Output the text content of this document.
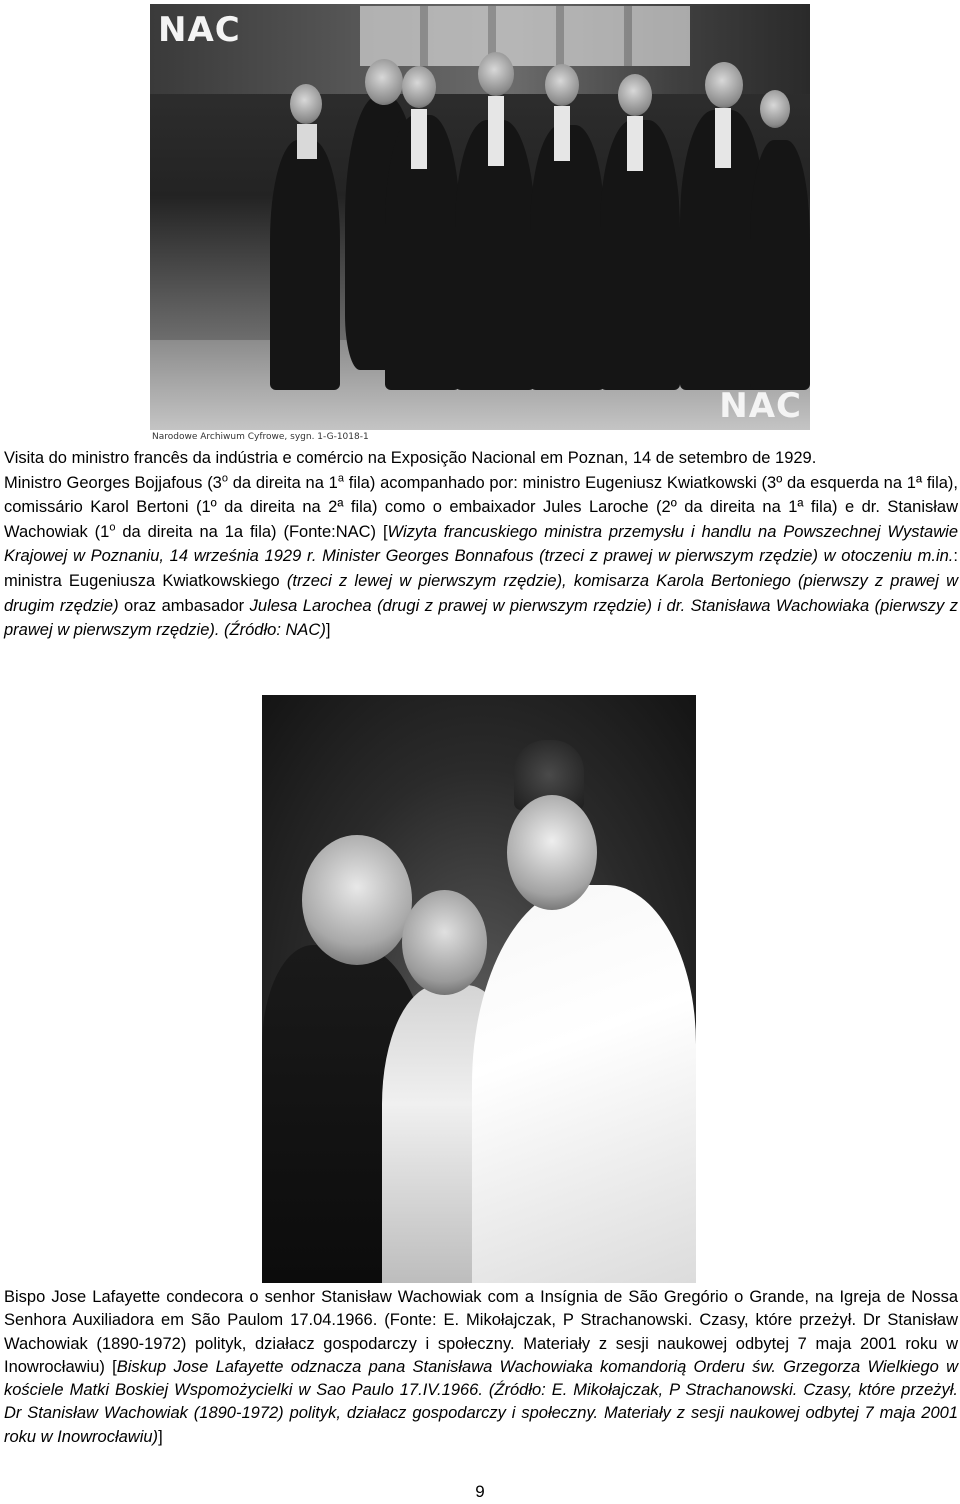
NAC
NAC
Narodowe Archiwum Cyfrowe, sygn. 1-G-1018-1
Visita do ministro francês da indústria e comércio na Exposição Nacional em Poznan, 14 de setembro de 1929.
Ministro Georges Bojjafous (3$^o$ da direita na 1$^a$ fila) acompanhado por: ministro Eugeniusz Kwiatkowski (3º da esquerda na 1ª fila), comissário Karol Bertoni (1º da direita na 2ª fila) como o embaixador Jules Laroche (2º da direita na 1ª fila) e dr. Stanisław Wachowiak (1$^o$ da direita na 1a fila) (Fonte:NAC) [Wizyta francuskiego ministra przemysłu i handlu na Powszechnej Wystawie Krajowej w Poznaniu, 14 września 1929 r. Minister Georges Bonnafous (trzeci z prawej w pierwszym rzędzie) w otoczeniu m.in.: ministra Eugeniusza Kwiatkowskiego (trzeci z lewej w pierwszym rzędzie), komisarza Karola Bertoniego (pierwszy z prawej w drugim rzędzie) oraz ambasador Julesa Larochea (drugi z prawej w pierwszym rzędzie) i dr. Stanisława Wachowiaka (pierwszy z prawej w pierwszym rzędzie). (Źródło: NAC)]
Bispo Jose Lafayette condecora o senhor Stanisław Wachowiak com a Insígnia de São Gregório o Grande, na Igreja de Nossa Senhora Auxiliadora em São Paulom 17.04.1966. (Fonte: E. Mikołajczak, P Strachanowski. Czasy, które przeżył. Dr Stanisław Wachowiak (1890-1972) polityk, działacz gospodarczy i społeczny. Materiały z sesji naukowej odbytej 7 maja 2001 roku w Inowrocławiu) [Biskup Jose Lafayette odznacza pana Stanisława Wachowiaka komandorią Orderu św. Grzegorza Wielkiego w kościele Matki Boskiej Wspomożycielki w Sao Paulo 17.IV.1966. (Źródło: E. Mikołajczak, P Strachanowski. Czasy, które przeżył. Dr Stanisław Wachowiak (1890-1972) polityk, działacz gospodarczy i społeczny. Materiały z sesji naukowej odbytej 7 maja 2001 roku w Inowrocławiu)]
9
